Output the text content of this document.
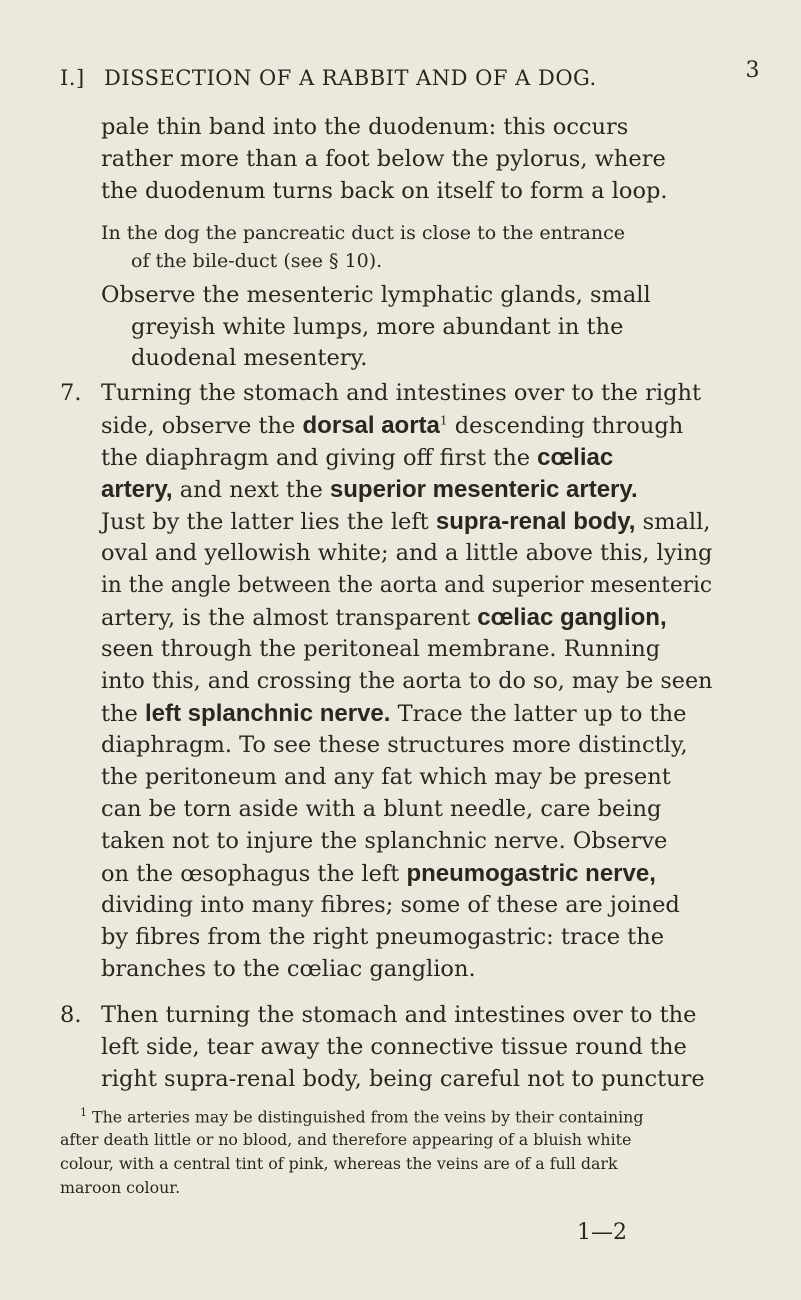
I.] DISSECTION OF A RABBIT AND OF A DOG.	3
pale thin band into the duodenum: this occurs
rather more than a foot below the pylorus, where
the duodenum turns back on itself to form a loop.
In the dog the pancreatic duct is close to the entrance
of the bile-duct (see § 10).
Observe the mesenteric lymphatic glands, small
greyish white lumps, more abundant in the
duodenal mesentery.
7. Turning the stomach and intestines over to the right
side, observe the dorsal aorta$^1$ descending through
the diaphragm and giving off first the cœliac
artery, and next the superior mesenteric artery.
Just by the latter lies the left supra-renal body, small,
oval and yellowish white; and a little above this, lying
in the angle between the aorta and superior mesenteric
artery, is the almost transparent cœliac ganglion,
seen through the peritoneal membrane. Running
into this, and crossing the aorta to do so, may be seen
the left splanchnic nerve. Trace the latter up to the
diaphragm. To see these structures more distinctly,
the peritoneum and any fat which may be present
can be torn aside with a blunt needle, care being
taken not to injure the splanchnic nerve. Observe
on the œsophagus the left pneumogastric nerve,
dividing into many fibres; some of these are joined
by fibres from the right pneumogastric: trace the
branches to the cœliac ganglion.
8. Then turning the stomach and intestines over to the
left side, tear away the connective tissue round the
right supra-renal body, being careful not to puncture
$^1$ The arteries may be distinguished from the veins by their containing
after death little or no blood, and therefore appearing of a bluish white
colour, with a central tint of pink, whereas the veins are of a full dark
maroon colour.
1—2
